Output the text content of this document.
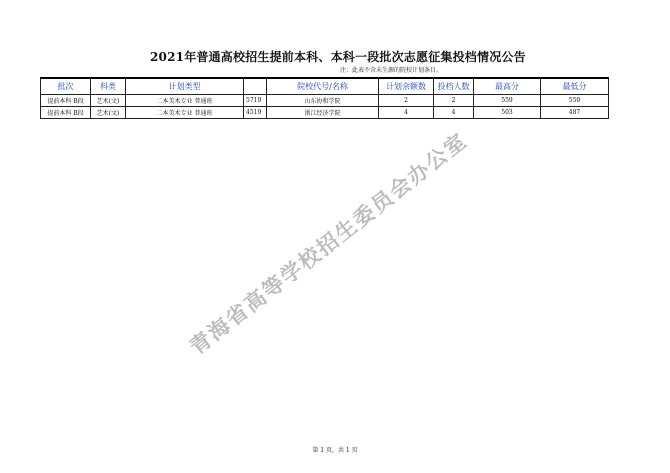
2021年普通高校招生提前本科、本科一段批次志愿征集投档情况公告
注：此表不含未生源的院校计划条目。
批次	科类	计划类型		院校代号/名称	计划余额数	投档人数	最高分	最低分
提前本科 B段	艺术(文)	二本美术专业 普通班	5719	山东协和学院	2	2	559	550
提前本科 B段	艺术(文)	二本美术专业 普通班	4519	浙江经济学院	4	4	503	487
青海省高等学校招生委员会办公室
第 1 页，共 1 页
